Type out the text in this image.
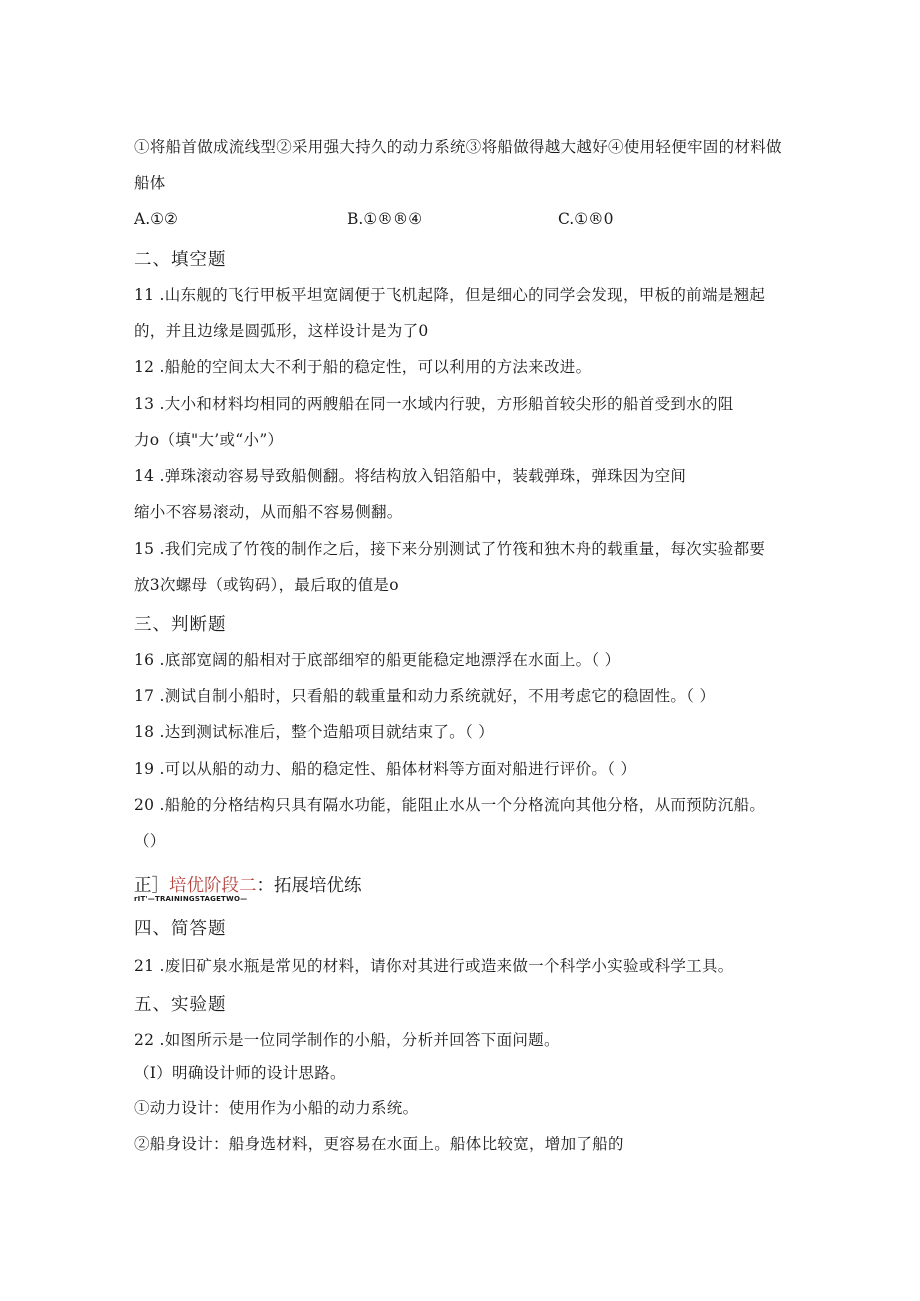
①将船首做成流线型②采用强大持久的动力系统③将船做得越大越好④使用轻便牢固的材料做
船体
A.①②	B.①®®④	C.①®0
二、填空题
11 .山东舰的飞行甲板平坦宽阔便于飞机起降，但是细心的同学会发现，甲板的前端是翘起
的，并且边缘是圆弧形，这样设计是为了0
12 .船舱的空间太大不利于船的稳定性，可以利用的方法来改进。
13 .大小和材料均相同的两艘船在同一水域内行驶，方形船首较尖形的船首受到水的阻
力o（填"大’或“小”）
14 .弹珠滚动容易导致船侧翻。将结构放入铝箔船中，装载弹珠，弹珠因为空间
缩小不容易滚动，从而船不容易侧翻。
15 .我们完成了竹筏的制作之后，接下来分别测试了竹筏和独木舟的载重量，每次实验都要
放3次螺母（或钩码），最后取的值是o
三、判断题
16 .底部宽阔的船相对于底部细窄的船更能稳定地漂浮在水面上。（ ）
17 .测试自制小船时，只看船的载重量和动力系统就好，不用考虑它的稳固性。（ ）
18 .达到测试标准后，整个造船项目就结束了。（ ）
19 .可以从船的动力、船的稳定性、船体材料等方面对船进行评价。（ ）
20 .船舱的分格结构只具有隔水功能，能阻止水从一个分格流向其他分格，从而预防沉船。
（）
正］培优阶段二：拓展培优练
rIT'—TRAININGSTAGETWO—
四、简答题
21 .废旧矿泉水瓶是常见的材料，请你对其进行或造来做一个科学小实验或科学工具。
五、实验题
22 .如图所示是一位同学制作的小船，分析并回答下面问题。
（I）明确设计师的设计思路。
①动力设计：使用作为小船的动力系统。
②船身设计：船身选材料，更容易在水面上。船体比较宽，增加了船的
